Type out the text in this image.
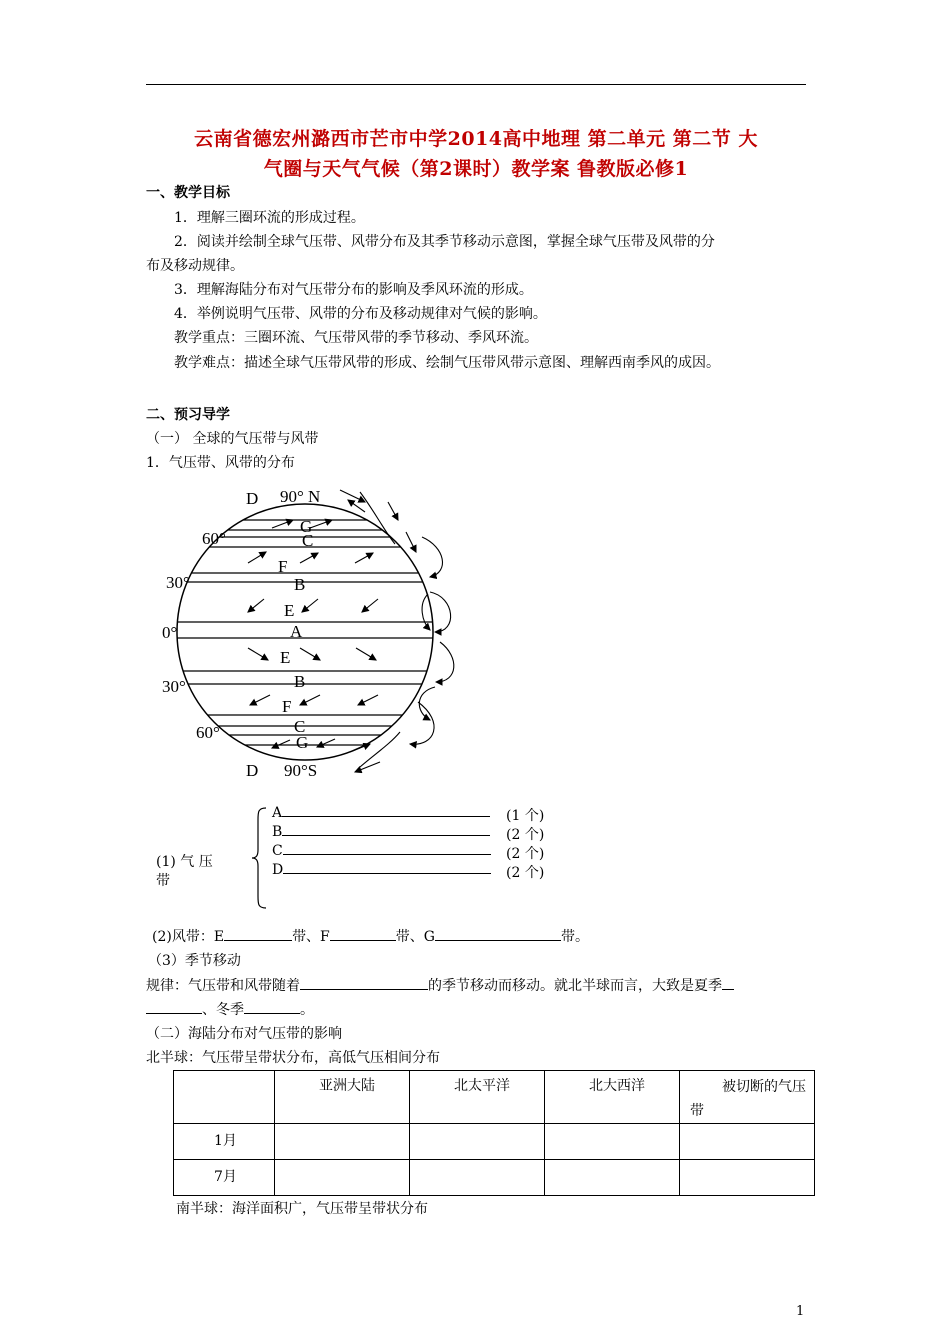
云南省德宏州潞西市芒市中学2014高中地理 第二单元 第二节 大
气圈与天气气候（第2课时）教学案 鲁教版必修1
一、教学目标
1．理解三圈环流的形成过程。
2．阅读并绘制全球气压带、风带分布及其季节移动示意图，掌握全球气压带及风带的分
布及移动规律。
3．理解海陆分布对气压带分布的影响及季风环流的形成。
4．举例说明气压带、风带的分布及移动规律对气候的影响。
教学重点：三圈环流、气压带风带的季节移动、季风环流。
教学难点：描述全球气压带风带的形成、绘制气压带风带示意图、理解西南季风的成因。
二、预习导学
（一） 全球的气压带与风带
1．气压带、风带的分布
D 90° N
G
C
60°
F
B
30°
E
A
0°
E
B
30°
F
C
60°
G
D 90°S
(1) 气 压
带
A	(1 个)
B	(2 个)
C	(2 个)
D	(2 个)
(2)风带：E	带、F	带、G	带。
（3）季节移动
规律：气压带和风带随着	的季节移动而移动。就北半球而言，大致是夏季
、冬季	。
（二）海陆分布对气压带的影响
北半球：气压带呈带状分布，高低气压相间分布

	亚洲大陆	北太平洋	北大西洋	被切断的气压带

1月				

7月				

南半球：海洋面积广，气压带呈带状分布
1
